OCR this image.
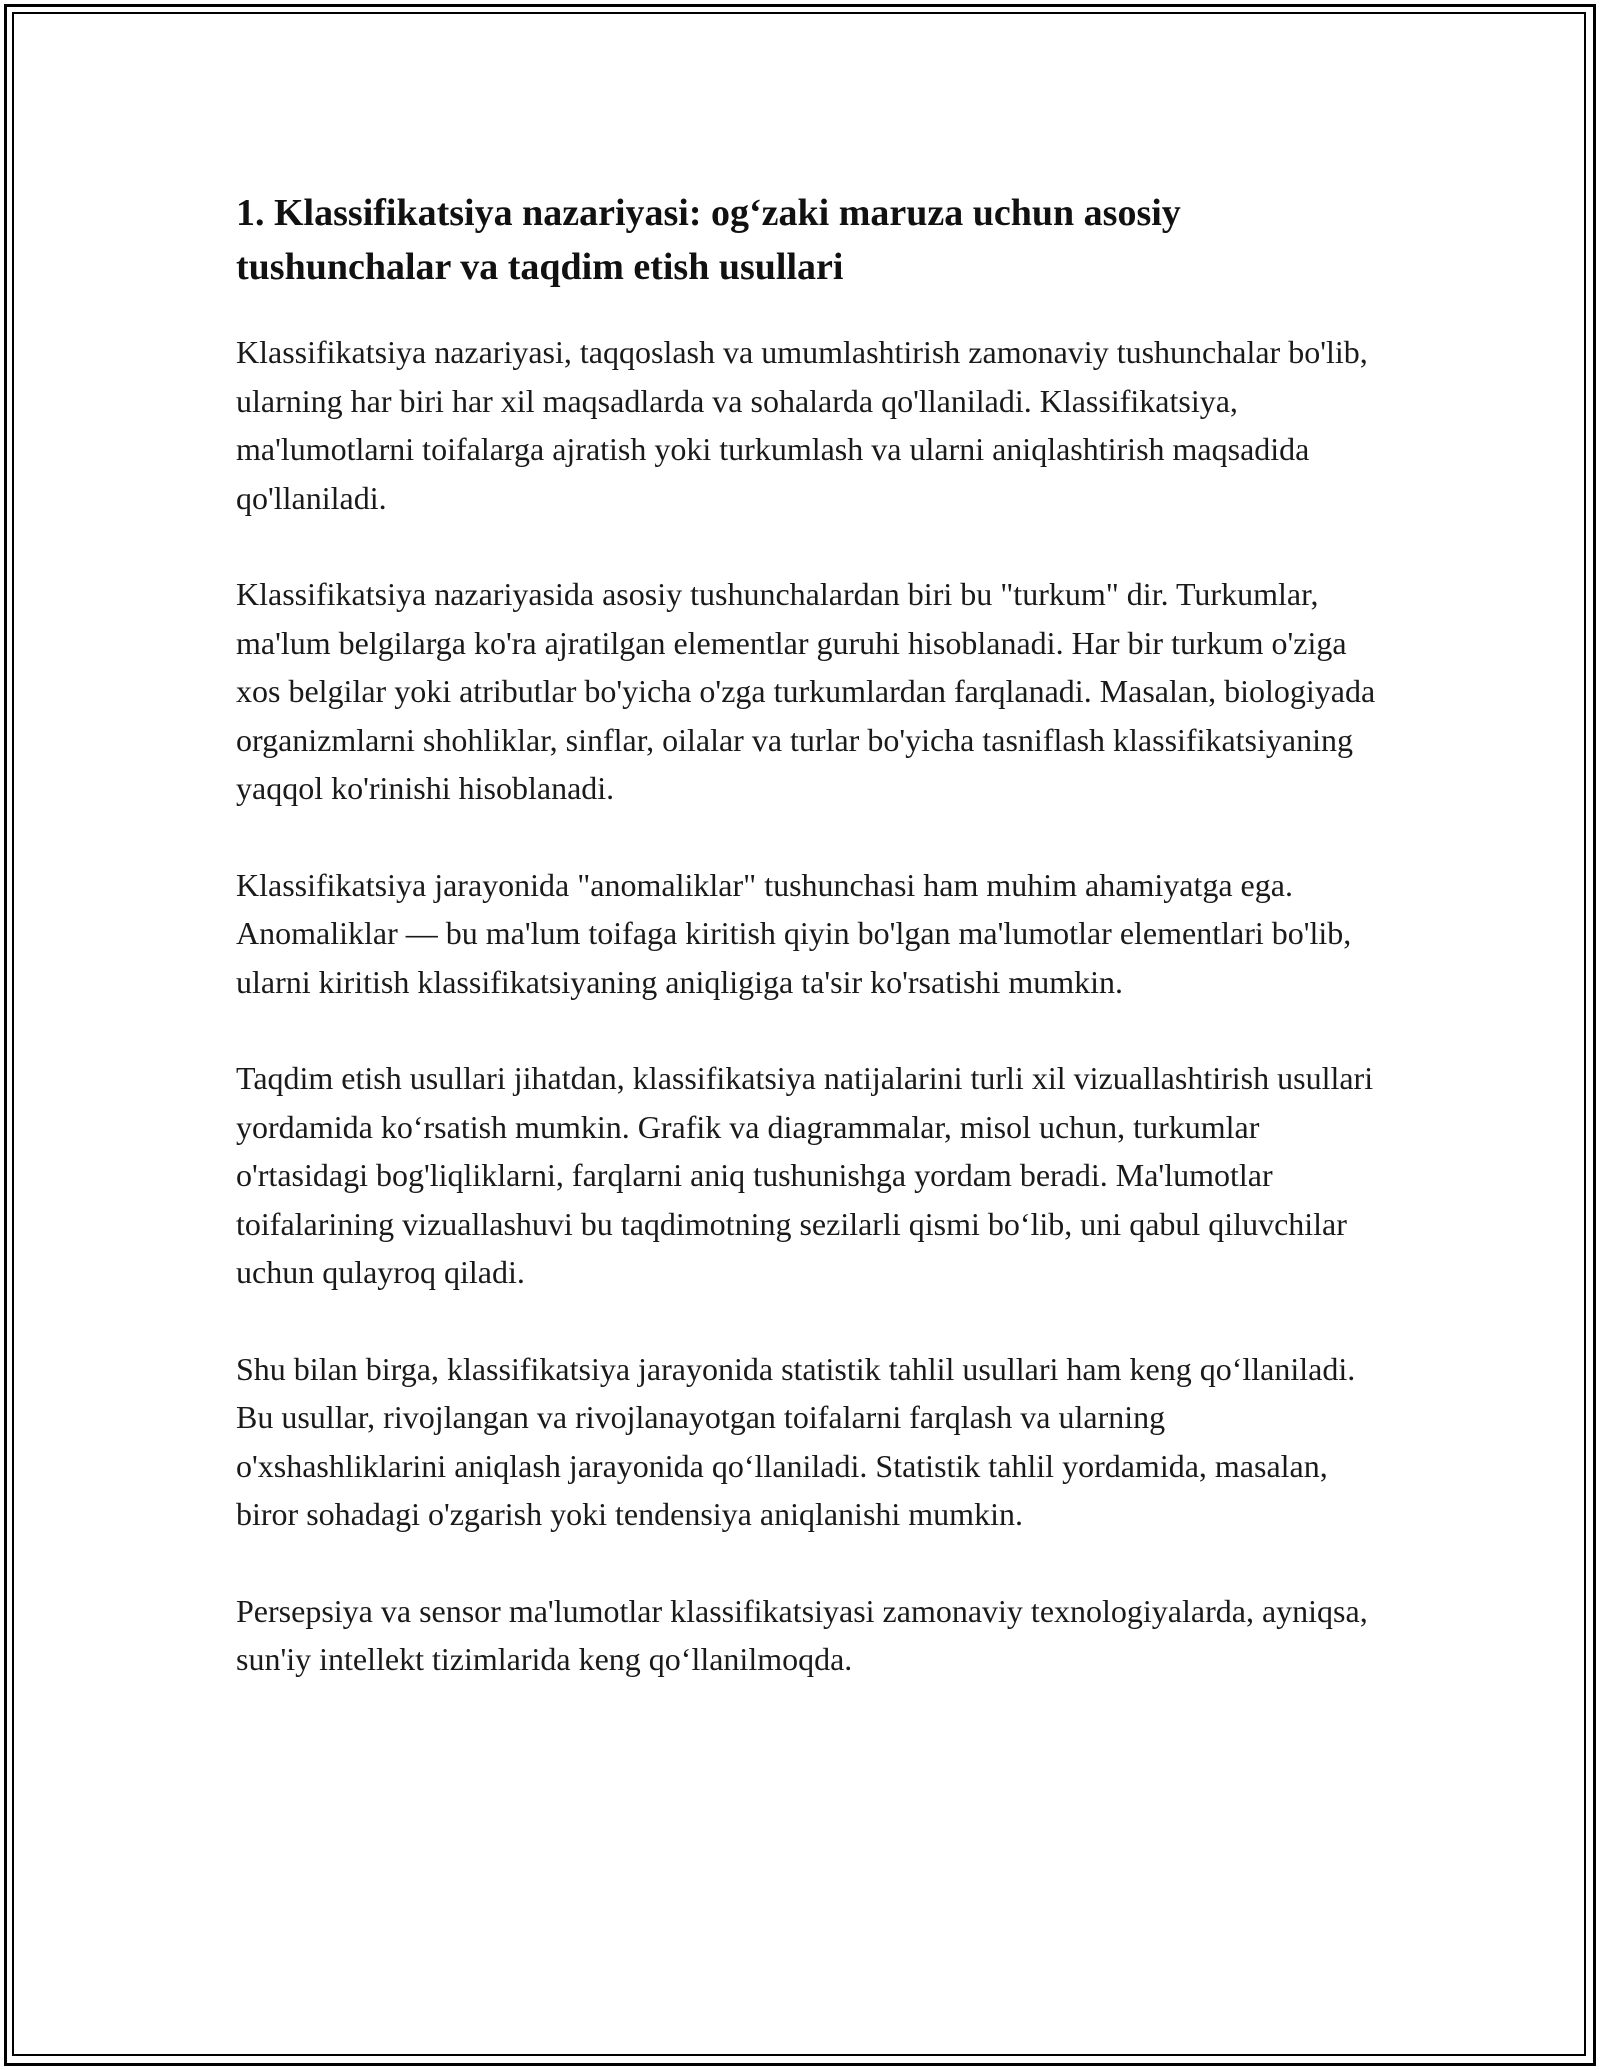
1. Klassifikatsiya nazariyasi: og‘zaki maruza uchun asosiy tushunchalar va taqdim etish usullari

Klassifikatsiya nazariyasi, taqqoslash va umumlashtirish zamonaviy tushunchalar bo'lib, ularning har biri har xil maqsadlarda va sohalarda qo'llaniladi. Klassifikatsiya, ma'lumotlarni toifalarga ajratish yoki turkumlash va ularni aniqlashtirish maqsadida qo'llaniladi.

Klassifikatsiya nazariyasida asosiy tushunchalardan biri bu "turkum" dir. Turkumlar, ma'lum belgilarga ko'ra ajratilgan elementlar guruhi hisoblanadi. Har bir turkum o'ziga xos belgilar yoki atributlar bo'yicha o'zga turkumlardan farqlanadi. Masalan, biologiyada organizmlarni shohliklar, sinflar, oilalar va turlar bo'yicha tasniflash klassifikatsiyaning yaqqol ko'rinishi hisoblanadi.

Klassifikatsiya jarayonida "anomaliklar" tushunchasi ham muhim ahamiyatga ega. Anomaliklar — bu ma'lum toifaga kiritish qiyin bo'lgan ma'lumotlar elementlari bo'lib, ularni kiritish klassifikatsiyaning aniqligiga ta'sir ko'rsatishi mumkin.

Taqdim etish usullari jihatdan, klassifikatsiya natijalarini turli xil vizuallashtirish usullari yordamida ko‘rsatish mumkin. Grafik va diagrammalar, misol uchun, turkumlar o'rtasidagi bog'liqliklarni, farqlarni aniq tushunishga yordam beradi. Ma'lumotlar toifalarining vizuallashuvi bu taqdimotning sezilarli qismi bo‘lib, uni qabul qiluvchilar uchun qulayroq qiladi.

Shu bilan birga, klassifikatsiya jarayonida statistik tahlil usullari ham keng qo‘llaniladi. Bu usullar, rivojlangan va rivojlanayotgan toifalarni farqlash va ularning o'xshashliklarini aniqlash jarayonida qo‘llaniladi. Statistik tahlil yordamida, masalan, biror sohadagi o'zgarish yoki tendensiya aniqlanishi mumkin.

Persepsiya va sensor ma'lumotlar klassifikatsiyasi zamonaviy texnologiyalarda, ayniqsa, sun'iy intellekt tizimlarida keng qo‘llanilmoqda.
